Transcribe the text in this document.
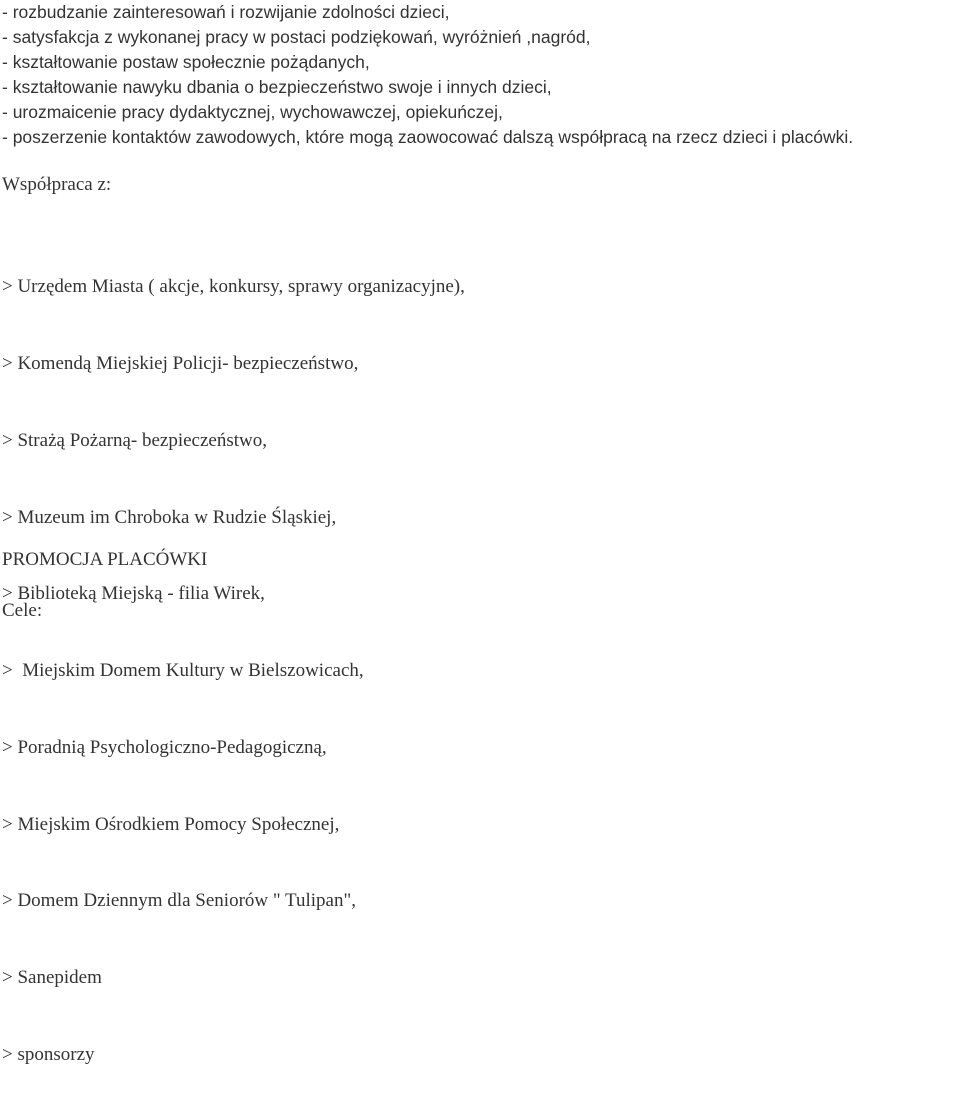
- rozbudzanie zainteresowań i rozwijanie zdolności dzieci,
- satysfakcja z wykonanej pracy w postaci podziękowań, wyróżnień ,nagród,
- kształtowanie postaw społecznie pożądanych,
- kształtowanie nawyku dbania o bezpieczeństwo swoje i innych dzieci,
- urozmaicenie pracy dydaktycznej, wychowawczej, opiekuńczej,
- poszerzenie kontaktów zawodowych, które mogą zaowocować dalszą współpracą na rzecz dzieci i placówki.
Współpraca z:

> Urzędem Miasta ( akcje, konkursy, sprawy organizacyjne),

> Komendą Miejskiej Policji- bezpieczeństwo,

> Strażą Pożarną- bezpieczeństwo,

> Muzeum im Chroboka w Rudzie Śląskiej,

> Biblioteką Miejską - filia Wirek,

>  Miejskim Domem Kultury w Bielszowicach,

> Poradnią Psychologiczno-Pedagogiczną,

> Miejskim Ośrodkiem Pomocy Społecznej,

> Domem Dziennym dla Seniorów " Tulipan",

> Sanepidem

> sponsorzy

PROMOCJA PLACÓWKI
Cele:
